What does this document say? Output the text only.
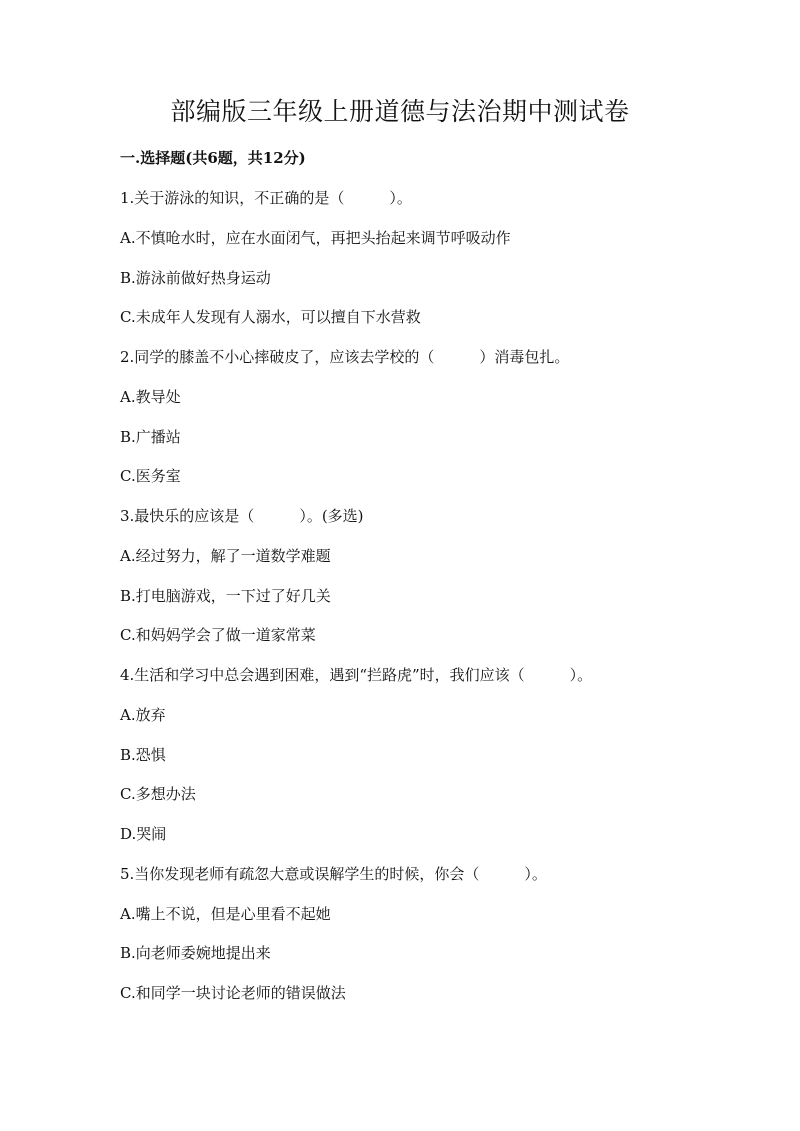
部编版三年级上册道德与法治期中测试卷
一.选择题(共6题，共12分)
1.关于游泳的知识，不正确的是（　　　）。
A.不慎呛水时，应在水面闭气，再把头抬起来调节呼吸动作
B.游泳前做好热身运动
C.未成年人发现有人溺水，可以擅自下水营救
2.同学的膝盖不小心摔破皮了，应该去学校的（　　　）消毒包扎。
A.教导处
B.广播站
C.医务室
3.最快乐的应该是（　　　）。(多选)
A.经过努力，解了一道数学难题
B.打电脑游戏，一下过了好几关
C.和妈妈学会了做一道家常菜
4.生活和学习中总会遇到困难，遇到“拦路虎”时，我们应该（　　　）。
A.放弃
B.恐惧
C.多想办法
D.哭闹
5.当你发现老师有疏忽大意或误解学生的时候，你会（　　　）。
A.嘴上不说，但是心里看不起她
B.向老师委婉地提出来
C.和同学一块讨论老师的错误做法
